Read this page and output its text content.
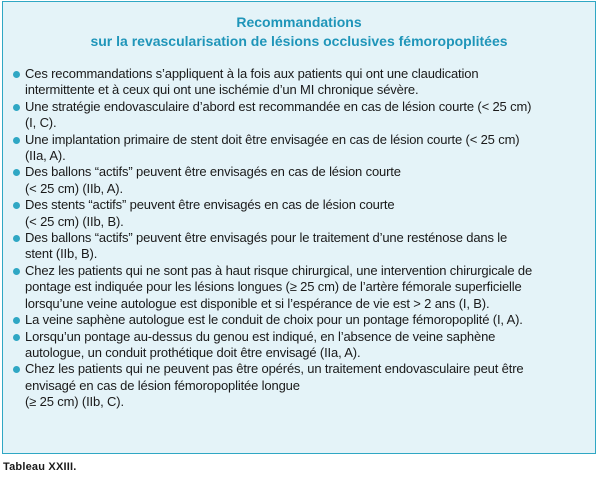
Recommandations
sur la revascularisation de lésions occlusives fémoropoplitées
Ces recommandations s’appliquent à la fois aux patients qui ont une claudication
intermittente et à ceux qui ont une ischémie d’un MI chronique sévère.
Une stratégie endovasculaire d’abord est recommandée en cas de lésion courte (< 25 cm)
(I, C).
Une implantation primaire de stent doit être envisagée en cas de lésion courte (< 25 cm)
(IIa, A).
Des ballons “actifs” peuvent être envisagés en cas de lésion courte
(< 25 cm) (IIb, A).
Des stents “actifs” peuvent être envisagés en cas de lésion courte
(< 25 cm) (IIb, B).
Des ballons “actifs” peuvent être envisagés pour le traitement d’une resténose dans le
stent (IIb, B).
Chez les patients qui ne sont pas à haut risque chirurgical, une intervention chirurgicale de
pontage est indiquée pour les lésions longues (≥ 25 cm) de l’artère fémorale superficielle
lorsqu’une veine autologue est disponible et si l’espérance de vie est > 2 ans (I, B).
La veine saphène autologue est le conduit de choix pour un pontage fémoropoplité (I, A).
Lorsqu’un pontage au-dessus du genou est indiqué, en l’absence de veine saphène
autologue, un conduit prothétique doit être envisagé (IIa, A).
Chez les patients qui ne peuvent pas être opérés, un traitement endovasculaire peut être
envisagé en cas de lésion fémoropoplitée longue
(≥ 25 cm) (IIb, C).
Tableau XXIII.
